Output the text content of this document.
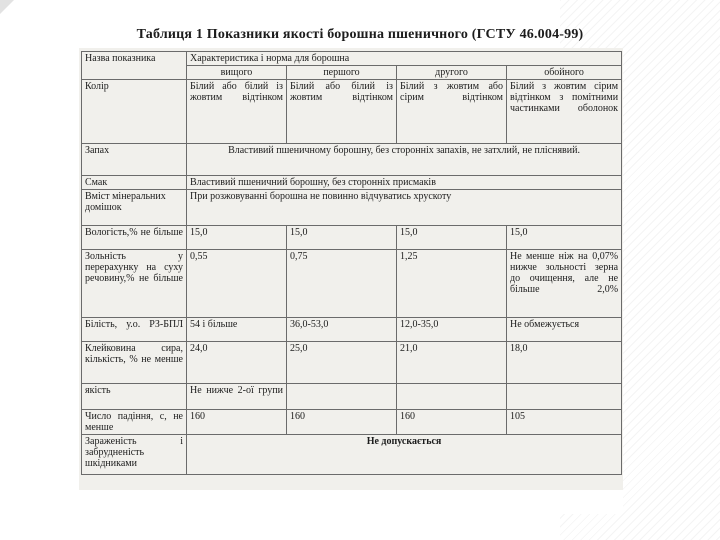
Таблиця 1 Показники якості борошна пшеничного (ГСТУ 46.004-99)
Назва показника	Характеристика і норма для борошна			
	вищого	першого	другого	обойного
Колір	Білий або білий із жовтим відтінком	Білий або білий із жовтим відтінком	Білий з жовтим або сірим відтінком	Білий з жовтим сірим відтінком з помітними частинками оболонок
Запах	Властивий пшеничному борошну, без сторонніх запахів, не затхлий, не пліснявий.			
Смак	Властивий пшеничний борошну, без сторонніх присмаків			
Вміст мінеральних домішок	При розжовуванні борошна не повинно відчуватись хрускоту			
Вологість,% не більше	15,0	15,0	15,0	15,0
Зольність у перерахунку на суху речовину,% не більше	0,55	0,75	1,25	Не менше ніж на 0,07% нижче зольності зерна до очищення, але не більше 2,0%
Білість, у.о. РЗ-БПЛ	54 і більше	36,0-53,0	12,0-35,0	Не обмежується
Клейковина сира, кількість, % не менше	24,0	25,0	21,0	18,0
якість	Не нижче 2-ої групи			
Число падіння, с, не менше	160	160	160	105
Зараженість і забрудненість шкідниками	Не допускається			
